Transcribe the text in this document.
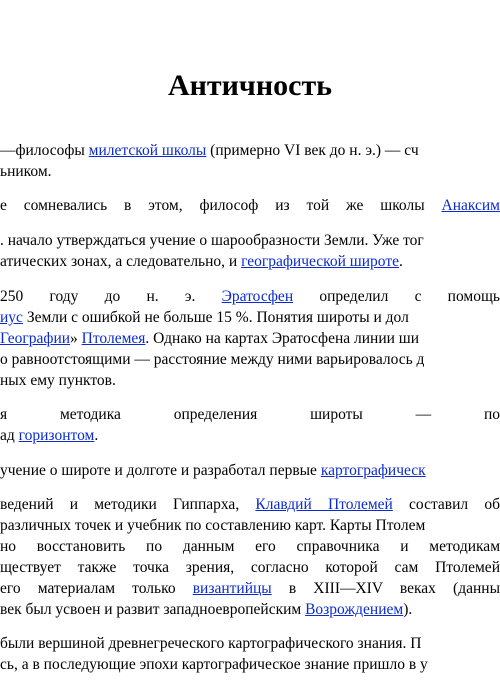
Античность

—философы милетской школы (примерно VI век до н. э.) — сч
ьником.

е сомневались в этом, философ из той же школы Анаксим

. начало утверждаться учение о шарообразности Земли. Уже тог
атических зонах, а следовательно, и географической широте.

250 году до н. э. Эратосфен определил с помощь
иус Земли с ошибкой не больше 15 %. Понятия широты и дол
Географии» Птолемея. Однако на картах Эратосфена линии ши
о равноотстоящими — расстояние между ними варьировалось д
ных ему пунктов.

я методика определения широты — по
ад горизонтом.

учение о широте и долготе и разработал первые картографическ

ведений и методики Гиппарха, Клавдий Птолемей составил об
различных точек и учебник по составлению карт. Карты Птолем
но восстановить по данным его справочника и методикам
ществует также точка зрения, согласно которой сам Птолемей
его материалам только византийцы в XIII—XIV веках (данны
век был усвоен и развит западноевропейским Возрождением).

были вершиной древнегреческого картографического знания. П
сь, а в последующие эпохи картографическое знание пришло в у
